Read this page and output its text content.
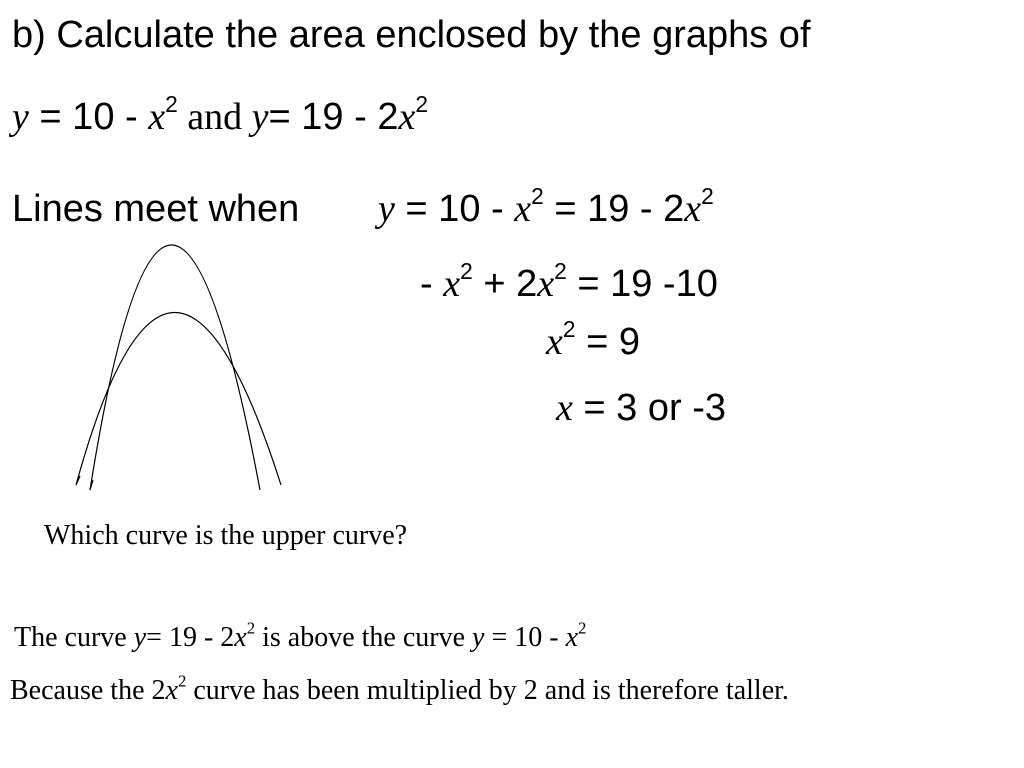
b) Calculate the area enclosed by the graphs of
$y = 10 - x^2$ and $y= 19 - 2x^2$
Lines meet when $y = 10 - x^2 = 19 - 2x^2$
- $x^2 + 2x^2 = 19$ -10
$x^2 = 9$
x = 3 or -3
Which curve is the upper curve?
The curve $y= 19 - 2x^2$ is above the curve $y = 10 - x^2$
Because the $2x^2$ curve has been multiplied by 2 and is therefore taller.
